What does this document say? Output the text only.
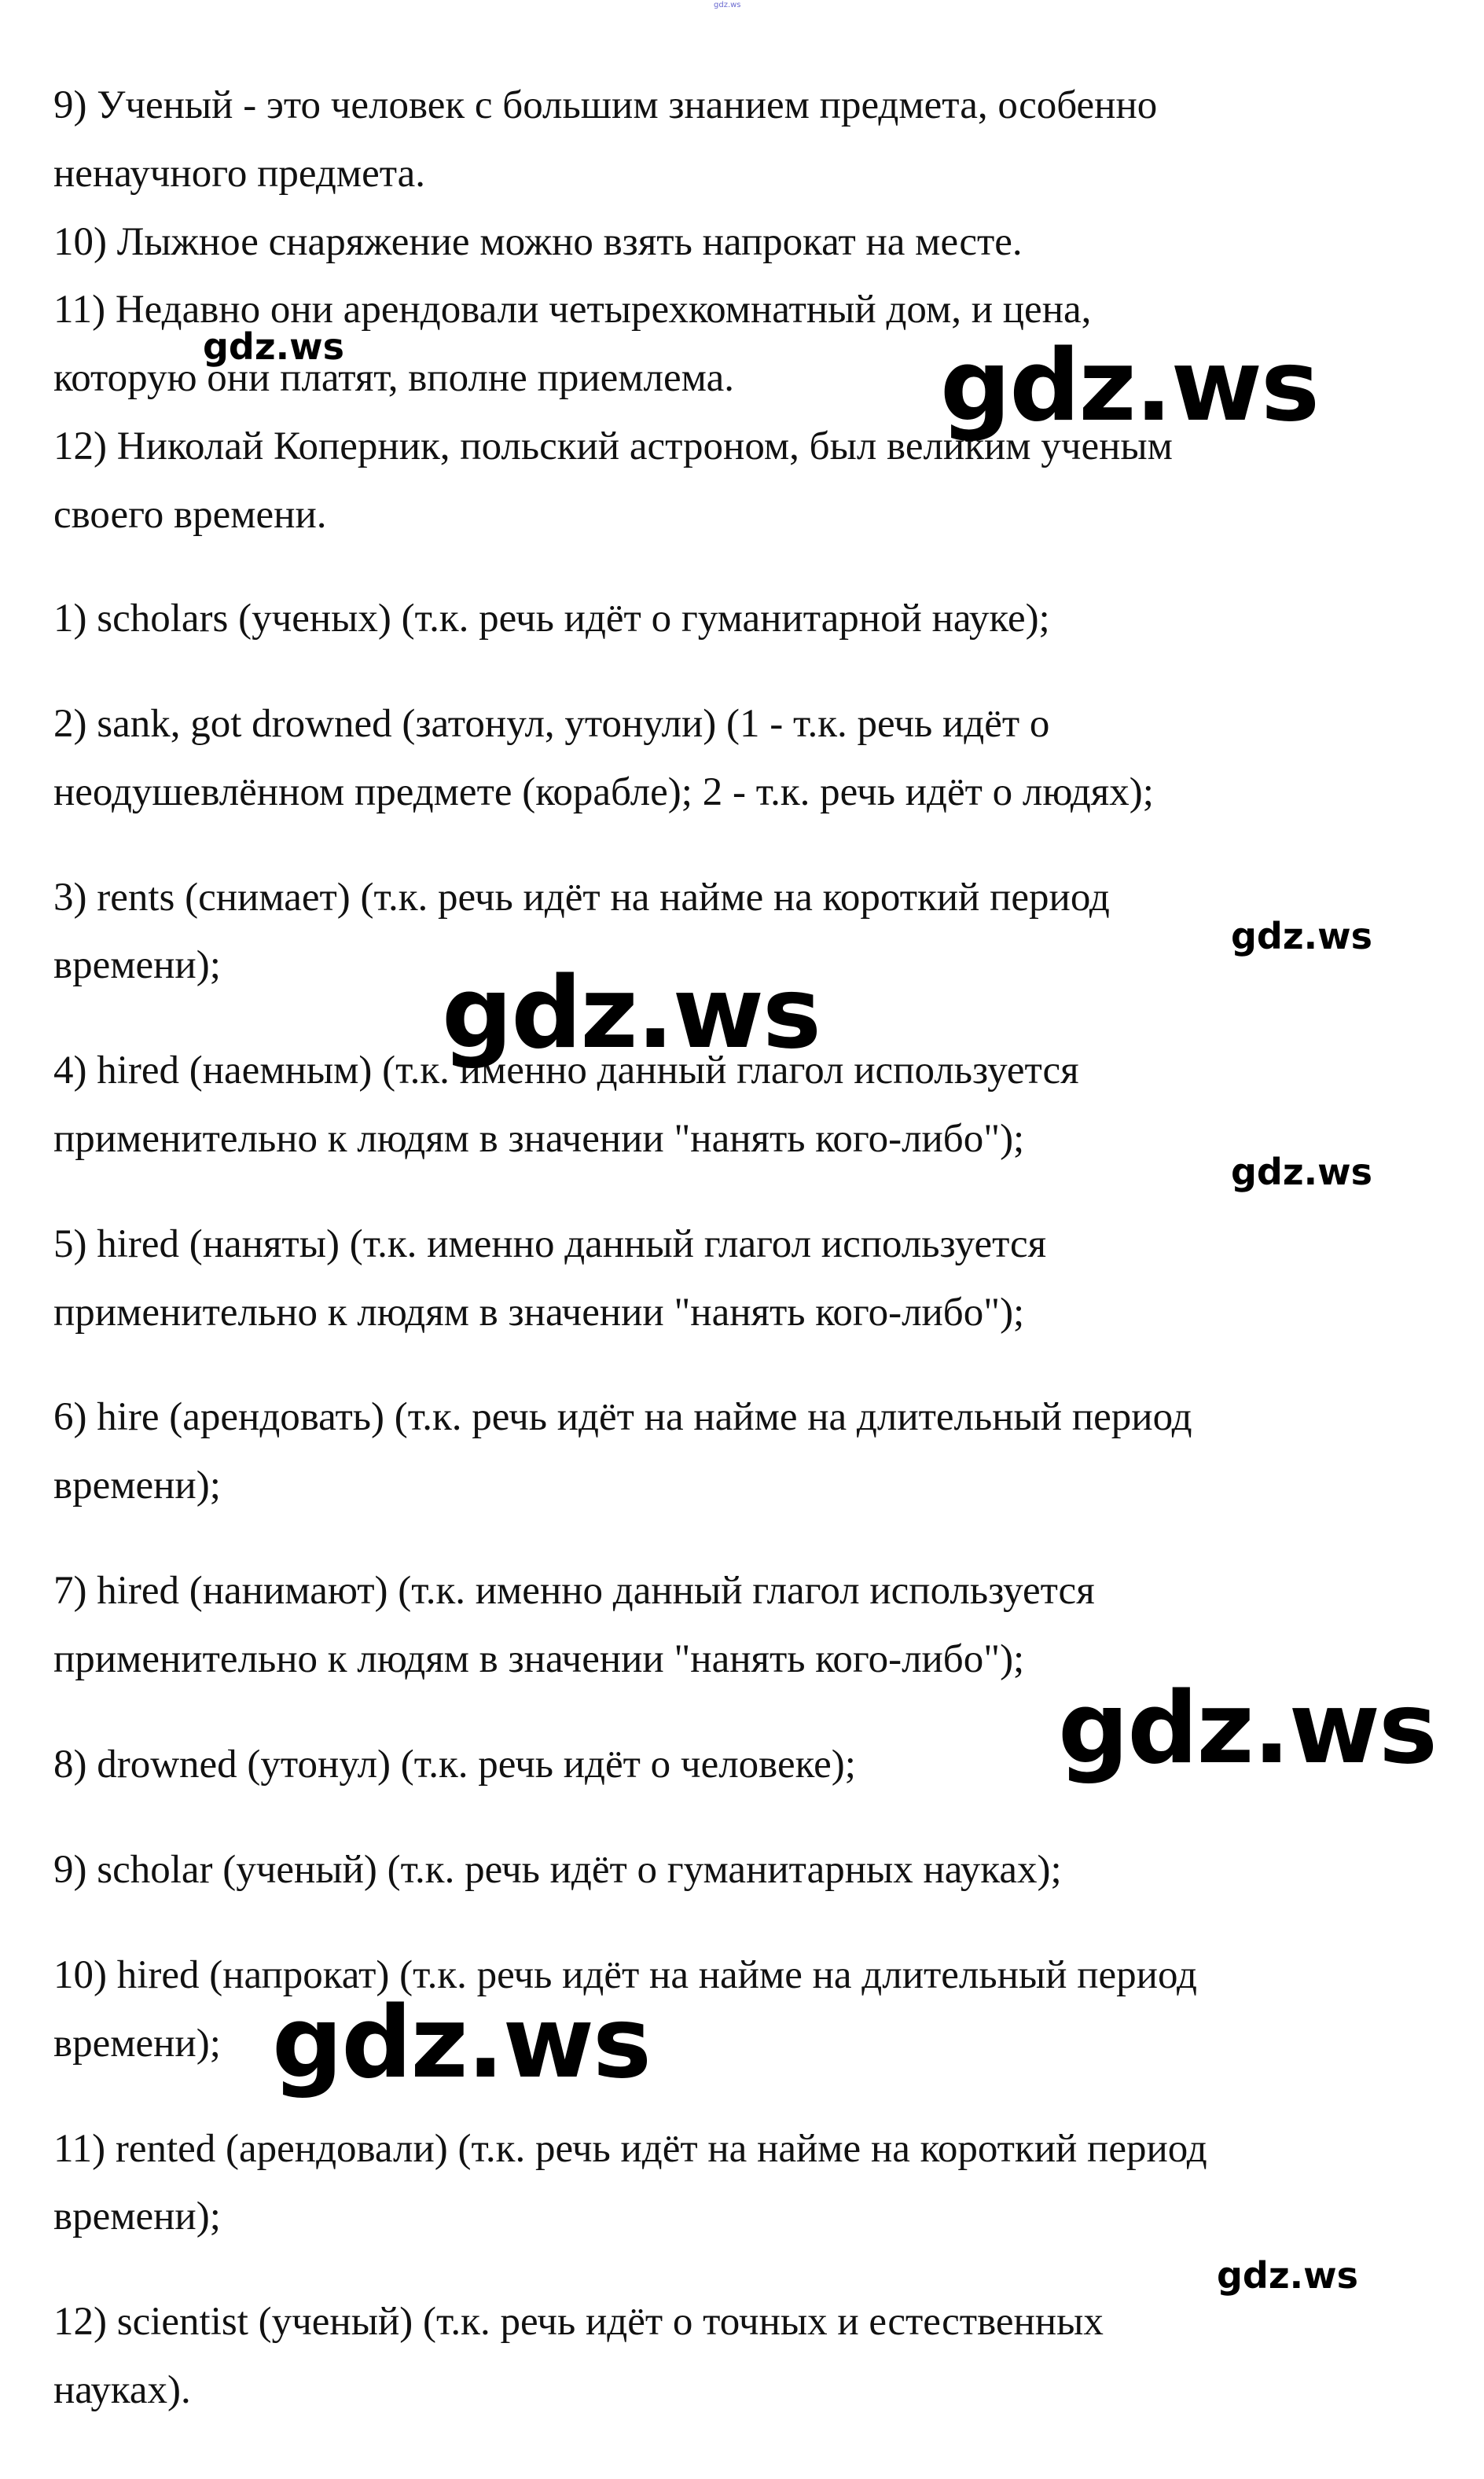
gdz.ws

9) Ученый - это человек с большим знанием предмета, особенно

ненаучного предмета.

10) Лыжное снаряжение можно взять напрокат на месте.

11) Недавно они арендовали четырехкомнатный дом, и цена,

которую они платят, вполне приемлема.

12) Николай Коперник, польский астроном, был великим ученым

своего времени.

1) scholars (ученых) (т.к. речь идёт о гуманитарной науке);

2) sank, got drowned (затонул, утонули) (1 - т.к. речь идёт о

неодушевлённом предмете (корабле); 2 - т.к. речь идёт о людях);

3) rents (снимает) (т.к. речь идёт на найме на короткий период

времени);

4) hired (наемным) (т.к. именно данный глагол используется

применительно к людям в значении "нанять кого-либо");

5) hired (наняты) (т.к. именно данный глагол используется

применительно к людям в значении "нанять кого-либо");

6) hire (арендовать) (т.к. речь идёт на найме на длительный период

времени);

7) hired (нанимают) (т.к. именно данный глагол используется

применительно к людям в значении "нанять кого-либо");

8) drowned (утонул) (т.к. речь идёт о человеке);

9) scholar (ученый) (т.к. речь идёт о гуманитарных науках);

10) hired (напрокат) (т.к. речь идёт на найме на длительный период

времени);

11) rented (арендовали) (т.к. речь идёт на найме на короткий период

времени);

12) scientist (ученый) (т.к. речь идёт о точных и естественных

науках).

gdz.ws	gdz.ws
gdz.ws
gdz.ws
gdz.ws
gdz.ws
gdz.ws
gdz.ws
